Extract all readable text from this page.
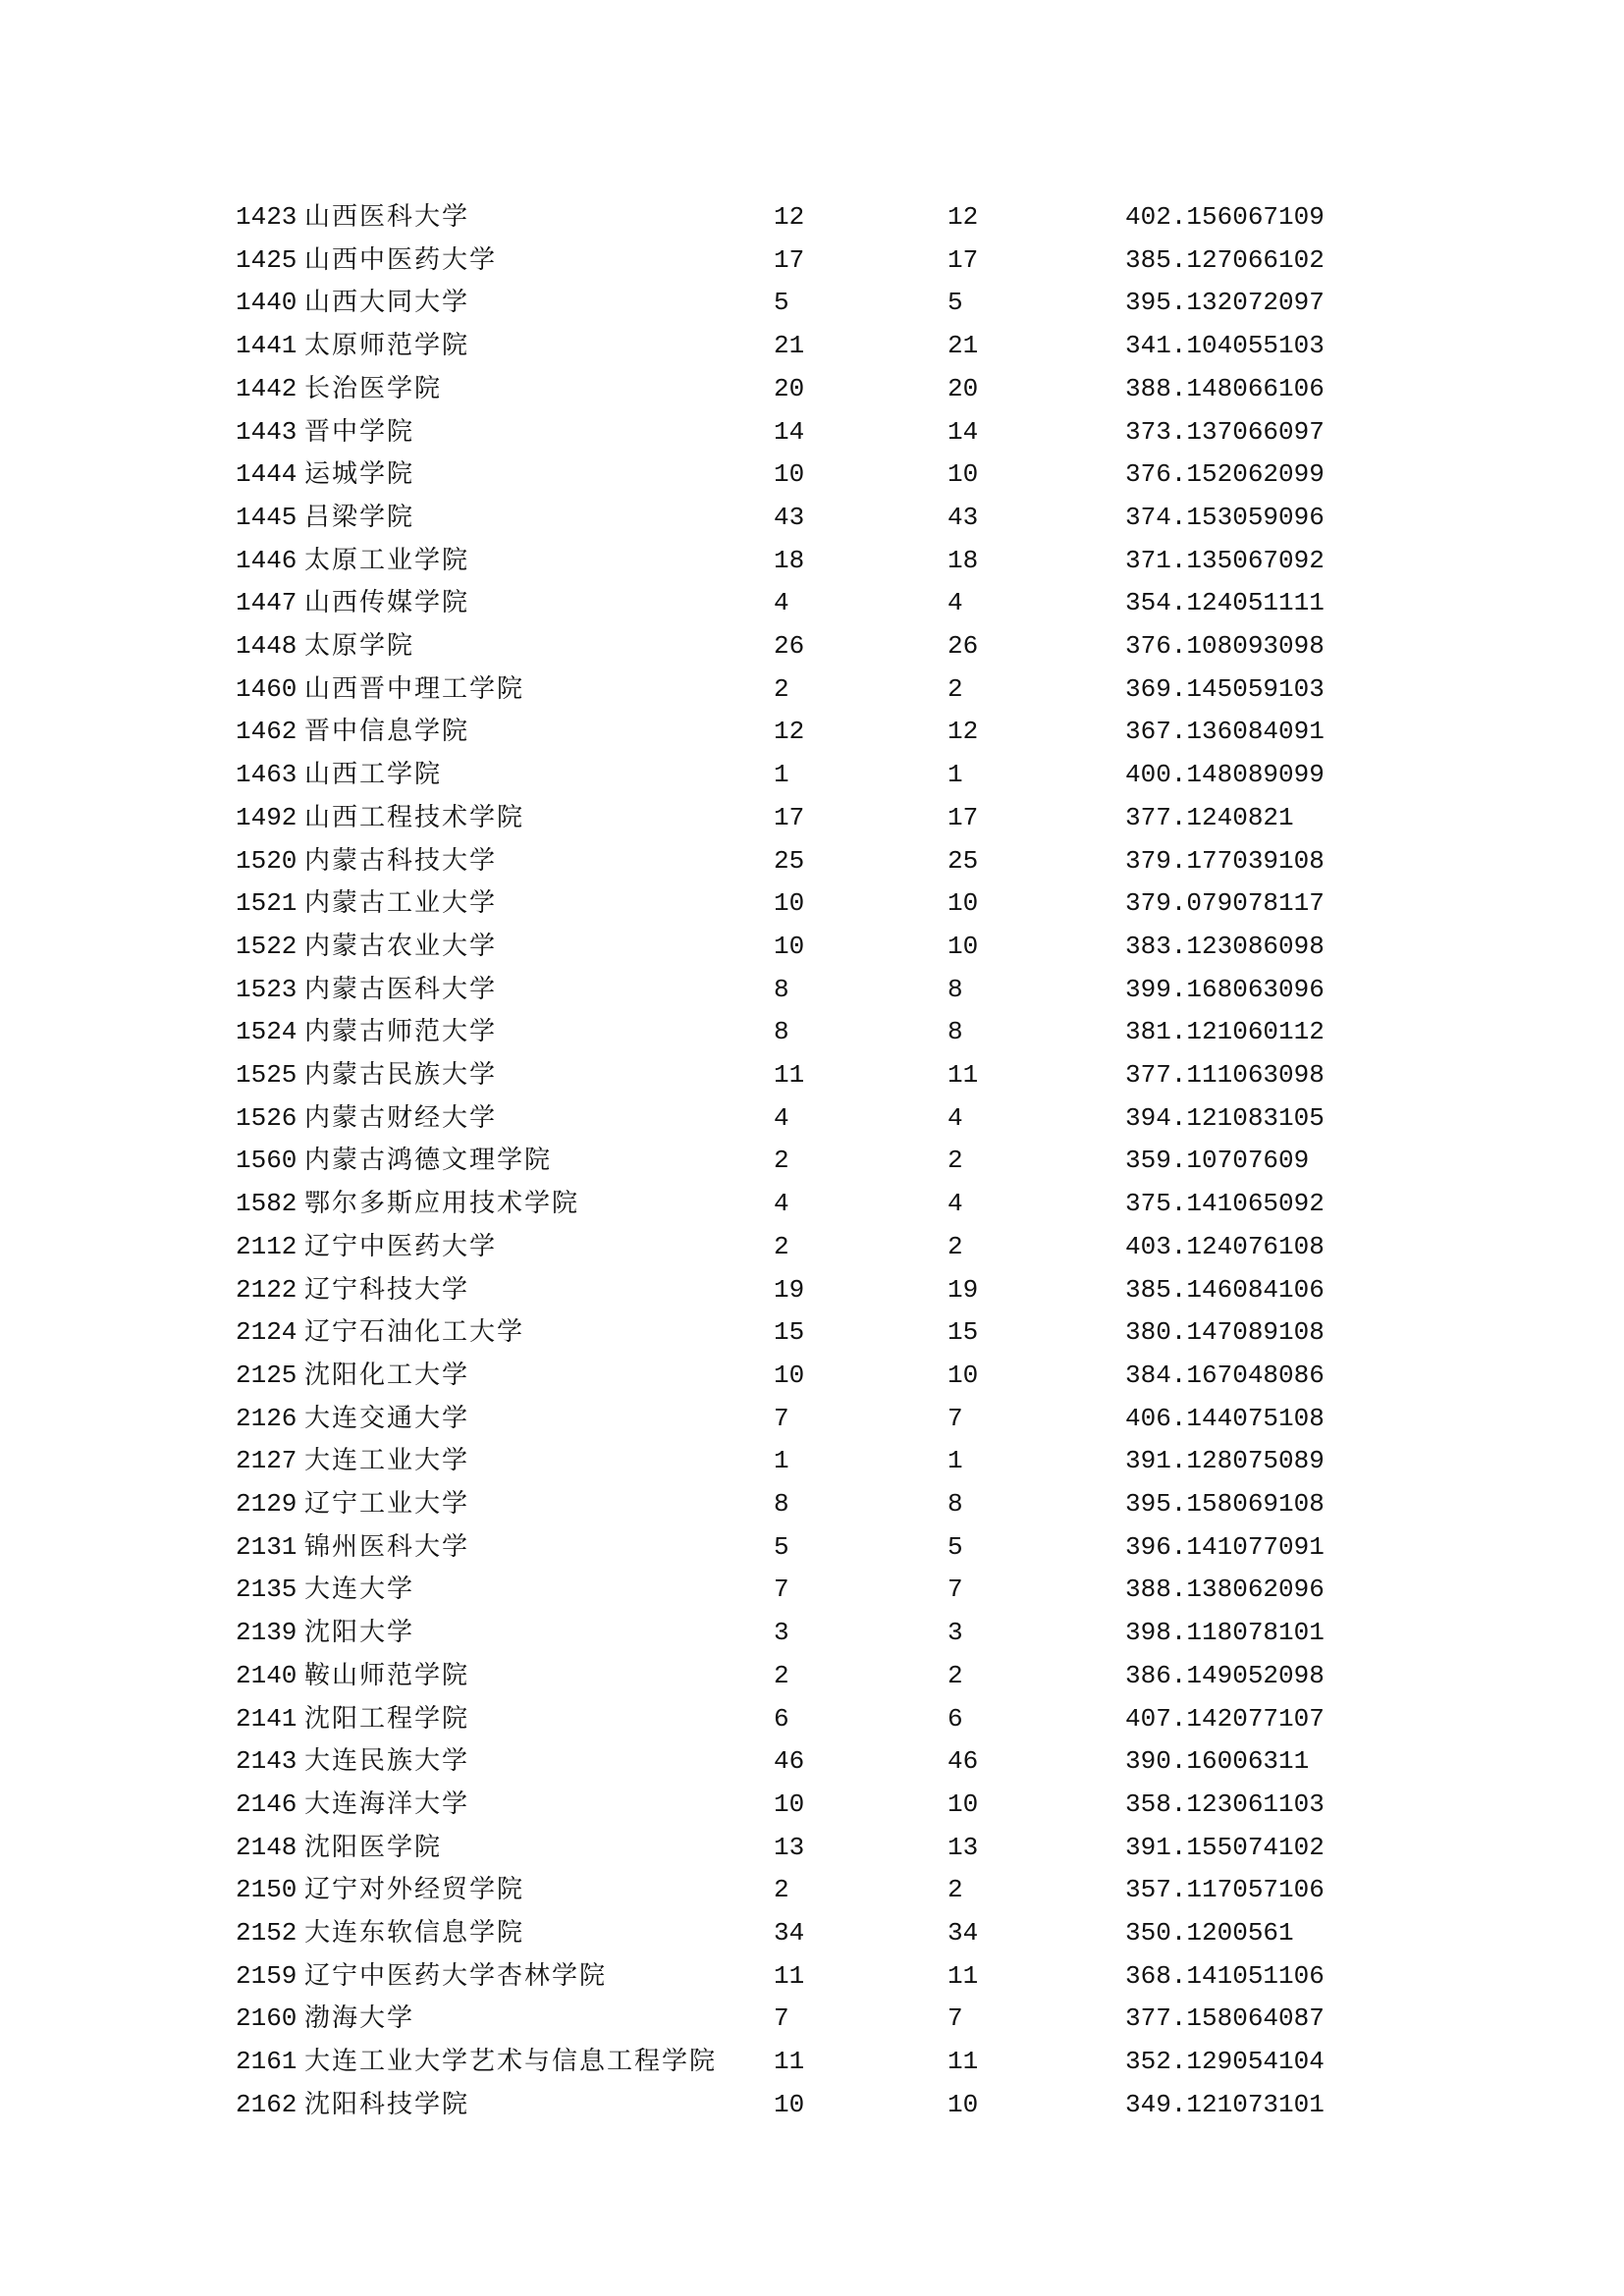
1423 山西医科大学	12	12	402.156067109
1425 山西中医药大学	17	17	385.127066102
1440 山西大同大学	5	5	395.132072097
1441 太原师范学院	21	21	341.104055103
1442 长治医学院	20	20	388.148066106
1443 晋中学院	14	14	373.137066097
1444 运城学院	10	10	376.152062099
1445 吕梁学院	43	43	374.153059096
1446 太原工业学院	18	18	371.135067092
1447 山西传媒学院	4	4	354.124051111
1448 太原学院	26	26	376.108093098
1460 山西晋中理工学院	2	2	369.145059103
1462 晋中信息学院	12	12	367.136084091
1463 山西工学院	1	1	400.148089099
1492 山西工程技术学院	17	17	377.1240821
1520 内蒙古科技大学	25	25	379.177039108
1521 内蒙古工业大学	10	10	379.079078117
1522 内蒙古农业大学	10	10	383.123086098
1523 内蒙古医科大学	8	8	399.168063096
1524 内蒙古师范大学	8	8	381.121060112
1525 内蒙古民族大学	11	11	377.111063098
1526 内蒙古财经大学	4	4	394.121083105
1560 内蒙古鸿德文理学院	2	2	359.10707609
1582 鄂尔多斯应用技术学院	4	4	375.141065092
2112 辽宁中医药大学	2	2	403.124076108
2122 辽宁科技大学	19	19	385.146084106
2124 辽宁石油化工大学	15	15	380.147089108
2125 沈阳化工大学	10	10	384.167048086
2126 大连交通大学	7	7	406.144075108
2127 大连工业大学	1	1	391.128075089
2129 辽宁工业大学	8	8	395.158069108
2131 锦州医科大学	5	5	396.141077091
2135 大连大学	7	7	388.138062096
2139 沈阳大学	3	3	398.118078101
2140 鞍山师范学院	2	2	386.149052098
2141 沈阳工程学院	6	6	407.142077107
2143 大连民族大学	46	46	390.16006311
2146 大连海洋大学	10	10	358.123061103
2148 沈阳医学院	13	13	391.155074102
2150 辽宁对外经贸学院	2	2	357.117057106
2152 大连东软信息学院	34	34	350.1200561
2159 辽宁中医药大学杏林学院	11	11	368.141051106
2160 渤海大学	7	7	377.158064087
2161 大连工业大学艺术与信息工程学院 11	11	352.129054104
2162 沈阳科技学院	10	10	349.121073101
